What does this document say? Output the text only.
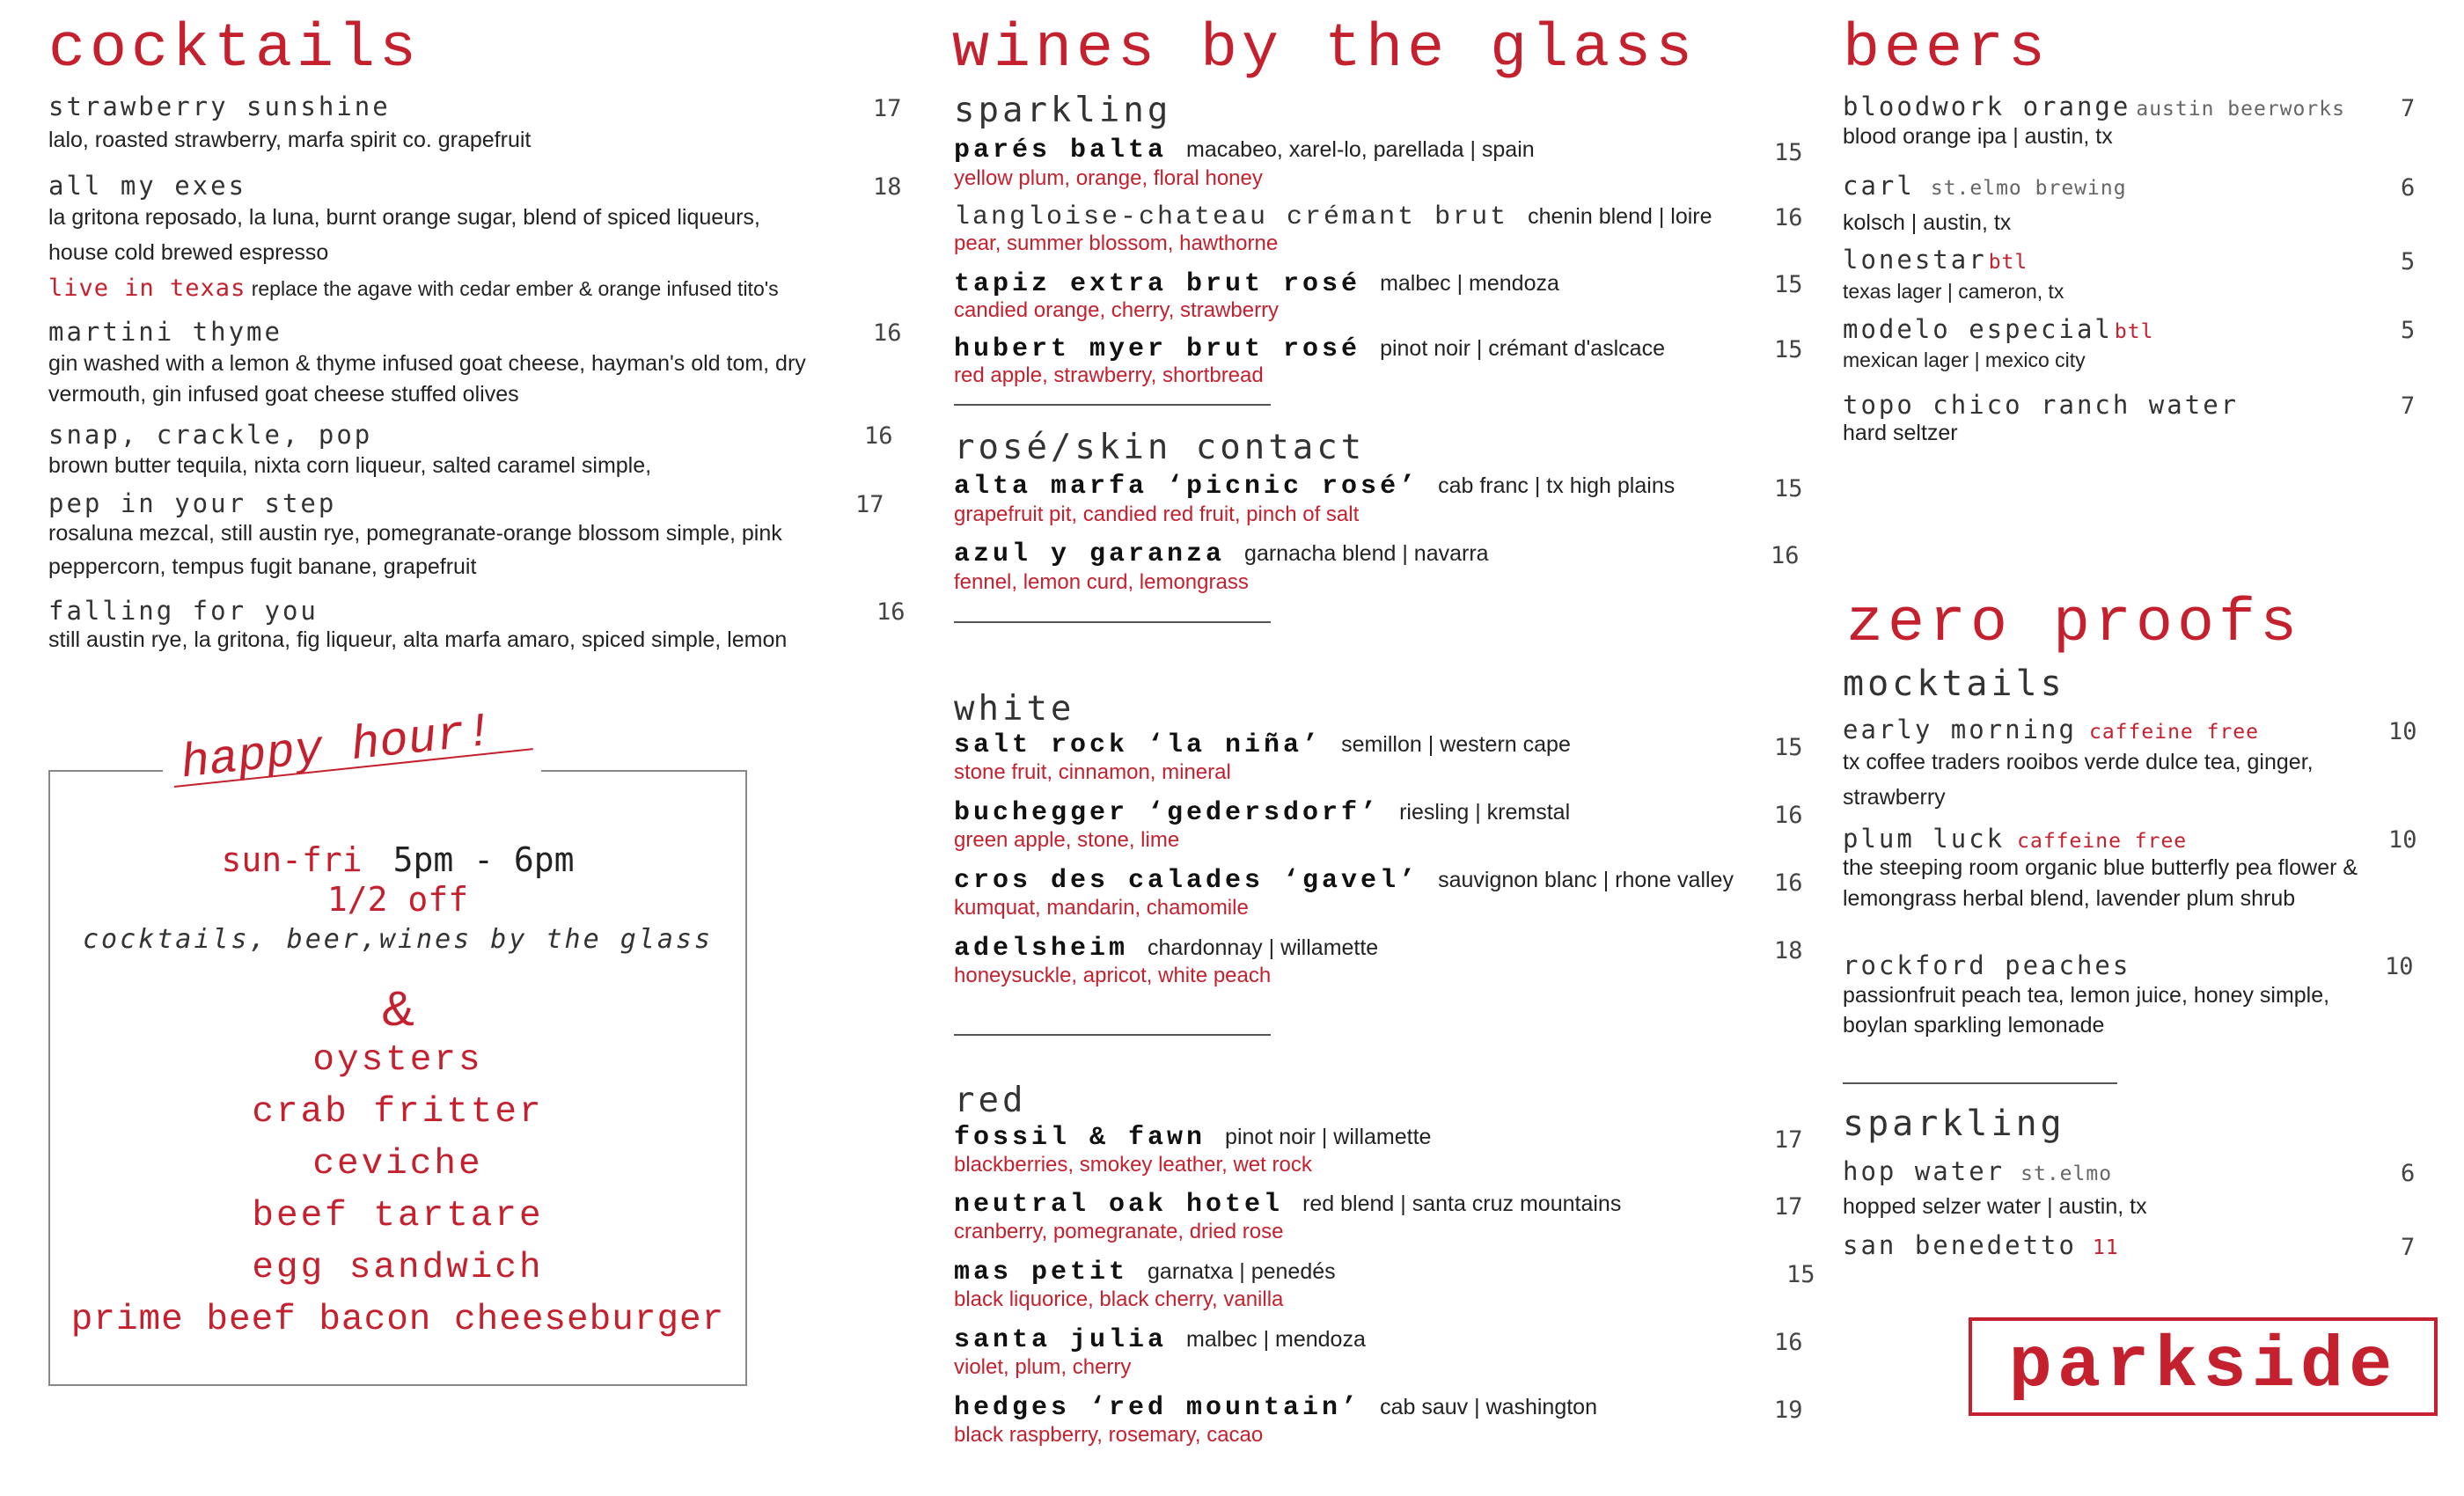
cocktails
strawberry sunshine	17
lalo, roasted strawberry, marfa spirit co. grapefruit
all my exes	18
la gritona reposado, la luna, burnt orange sugar, blend of spiced liqueurs, house cold brewed espresso
live in texas replace the agave with cedar ember & orange infused tito's
martini thyme	16
gin washed with a lemon & thyme infused goat cheese, hayman's old tom, dry vermouth, gin infused goat cheese stuffed olives
snap, crackle, pop	16
brown butter tequila, nixta corn liqueur, salted caramel simple,
pep in your step	17
rosaluna mezcal, still austin rye, pomegranate-orange blossom simple, pink peppercorn, tempus fugit banane, grapefruit
falling for you	16
still austin rye, la gritona, fig liqueur, alta marfa amaro, spiced simple, lemon
happy hour!
sun-fri 5pm - 6pm
1/2 off
cocktails, beer,wines by the glass
&
oysters
crab fritter
ceviche
beef tartare
egg sandwich
prime beef bacon cheeseburger
wines by the glass
sparkling
parés balta macabeo, xarel-lo, parellada | spain
yellow plum, orange, floral honey
15
langloise-chateau crémant brut chenin blend | loire
pear, summer blossom, hawthorne
16
tapiz extra brut rosé malbec | mendoza
candied orange, cherry, strawberry
15
hubert myer brut rosé pinot noir | crémant d'aslcace
red apple, strawberry, shortbread
15
rosé/skin contact
alta marfa ‘picnic rosé’ cab franc | tx high plains
grapefruit pit, candied red fruit, pinch of salt
15
azul y garanza garnacha blend | navarra
fennel, lemon curd, lemongrass
16
white
salt rock ‘la niña’ semillon | western cape
stone fruit, cinnamon, mineral
15
buchegger ‘gedersdorf’ riesling | kremstal
green apple, stone, lime
16
cros des calades ‘gavel’ sauvignon blanc | rhone valley
kumquat, mandarin, chamomile
16
adelsheim chardonnay | willamette
honeysuckle, apricot, white peach
18
red
fossil & fawn pinot noir | willamette
blackberries, smokey leather, wet rock
17
neutral oak hotel red blend | santa cruz mountains
cranberry, pomegranate, dried rose
17
mas petit garnatxa | penedés
black liquorice, black cherry, vanilla
15
santa julia malbec | mendoza
violet, plum, cherry
16
hedges ‘red mountain’ cab sauv | washington
black raspberry, rosemary, cacao
19
beers
bloodwork orange austin beerworks
blood orange ipa | austin, tx
7
carl st.elmo brewing
kolsch | austin, tx
6
lonestarbtl
texas lager | cameron, tx
5
modelo especialbtl
mexican lager | mexico city
5
topo chico ranch water
hard seltzer
7
zero proofs
mocktails
early morning caffeine free
tx coffee traders rooibos verde dulce tea, ginger, strawberry
10
plum luck caffeine free
the steeping room organic blue butterfly pea flower & lemongrass herbal blend, lavender plum shrub
10
rockford peaches
passionfruit peach tea, lemon juice, honey simple, boylan sparkling lemonade
10
sparkling
hop water st.elmo
hopped selzer water | austin, tx
6
san benedetto 11	7
parkside
